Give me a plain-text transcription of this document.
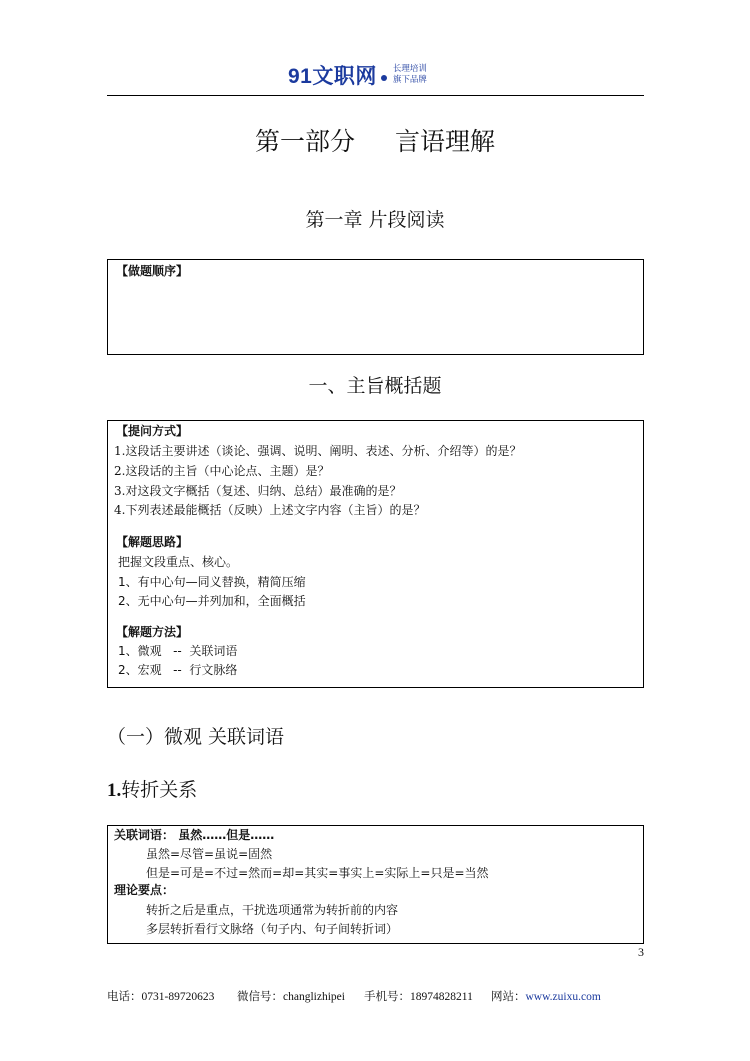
91文职网 长理培训
旗下品牌
第一部分 言语理解
第一章 片段阅读
【做题顺序】
一、主旨概括题
【提问方式】
1.这段话主要讲述（谈论、强调、说明、阐明、表述、分析、介绍等）的是？
2.这段话的主旨（中心论点、主题）是？
3.对这段文字概括（复述、归纳、总结）最准确的是？
4.下列表述最能概括（反映）上述文字内容（主旨）的是？
【解题思路】
把握文段重点、核心。
1、有中心句—同义替换，精简压缩
2、无中心句—并列加和，全面概括
【解题方法】
1、微观   --  关联词语
2、宏观   --  行文脉络
（一）微观 关联词语
1.转折关系
关联词语： 虽然……但是……
虽然=尽管=虽说=固然
但是=可是=不过=然而=却=其实=事实上=实际上=只是=当然
理论要点：
转折之后是重点，干扰选项通常为转折前的内容
多层转折看行文脉络（句子内、句子间转折词）
3
电话：0731-89720623 微信号：changlizhipei 手机号：18974828211 网站：www.zuixu.com
